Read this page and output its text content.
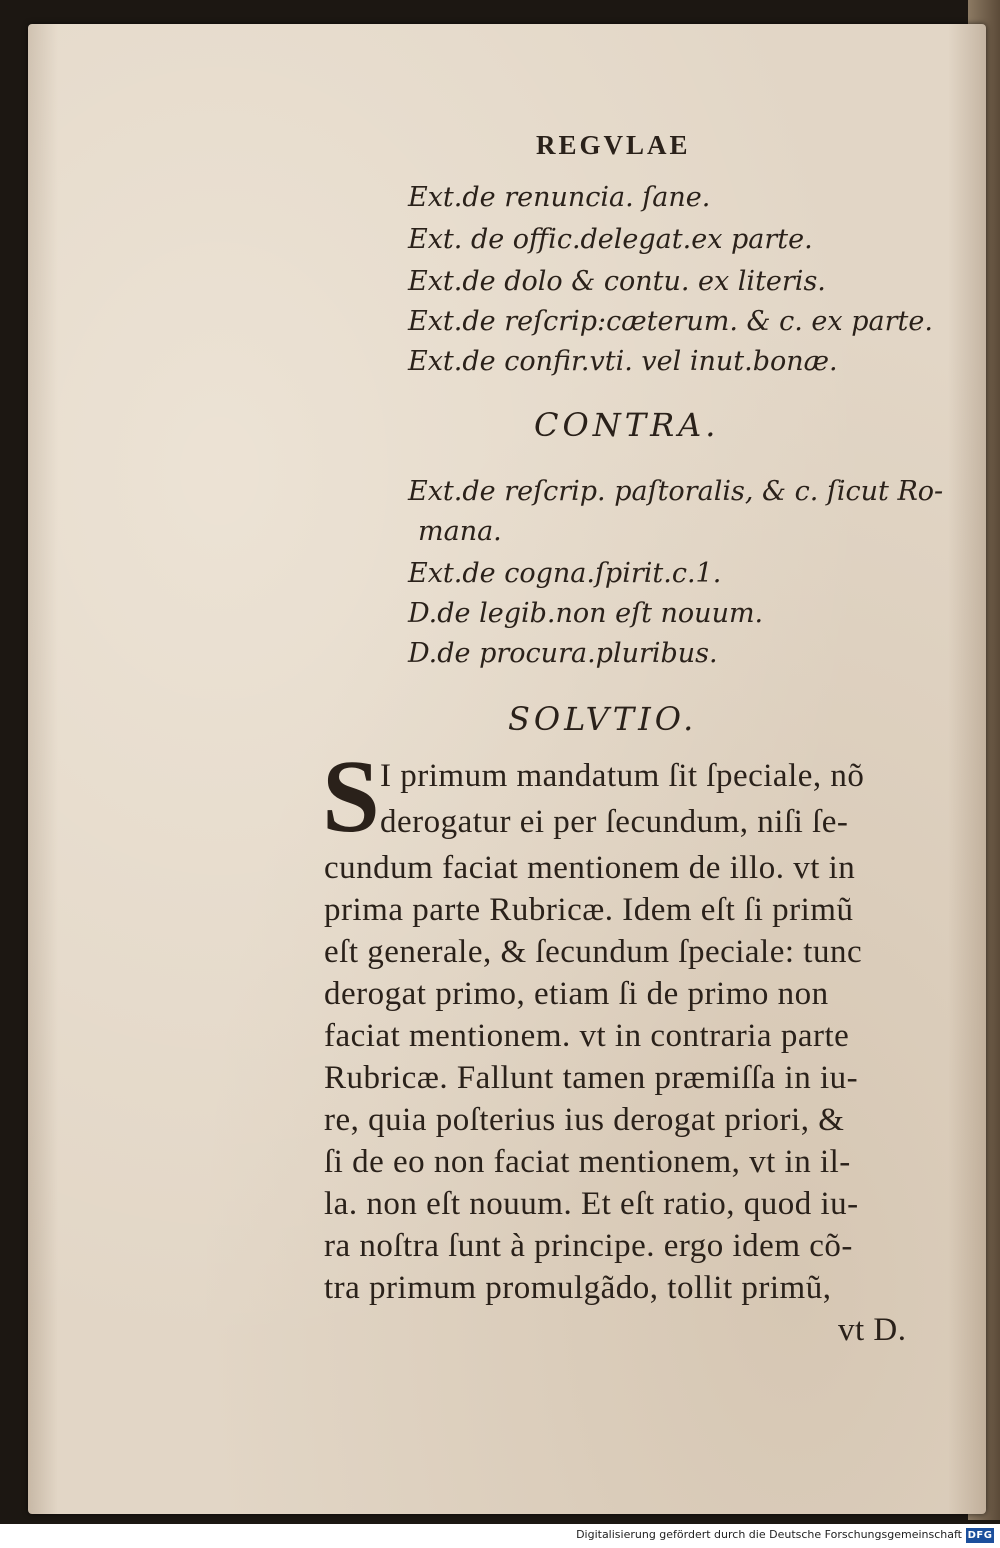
REGVLAE
Ext.de renuncia. ſane.
Ext. de offic.delegat.ex parte.
Ext.de dolo & contu. ex literis.
Ext.de reſcrip:cæterum. & c. ex parte.
Ext.de confir.vti. vel inut.bonæ.
CONTRA.
Ext.de reſcrip. paſtoralis, & c. ſicut Ro-
mana.
Ext.de cogna.ſpirit.c.1.
D.de legib.non eſt nouum.
D.de procura.pluribus.
SOLVTIO.
S I primum mandatum ſit ſpeciale, nõ
derogatur ei per ſecundum, niſi ſe-
cundum faciat mentionem de illo. vt in
prima parte Rubricæ. Idem eſt ſi primũ
eſt generale, & ſecundum ſpeciale: tunc
derogat primo, etiam ſi de primo non
faciat mentionem. vt in contraria parte
Rubricæ. Fallunt tamen præmiſſa in iu-
re, quia poſterius ius derogat priori, &
ſi de eo non faciat mentionem, vt in il-
la. non eſt nouum. Et eſt ratio, quod iu-
ra noſtra ſunt à principe. ergo idem cõ-
tra primum promulgãdo, tollit primũ,
vt D.
Digitalisierung gefördert durch die Deutsche Forschungsgemeinschaft DFG
